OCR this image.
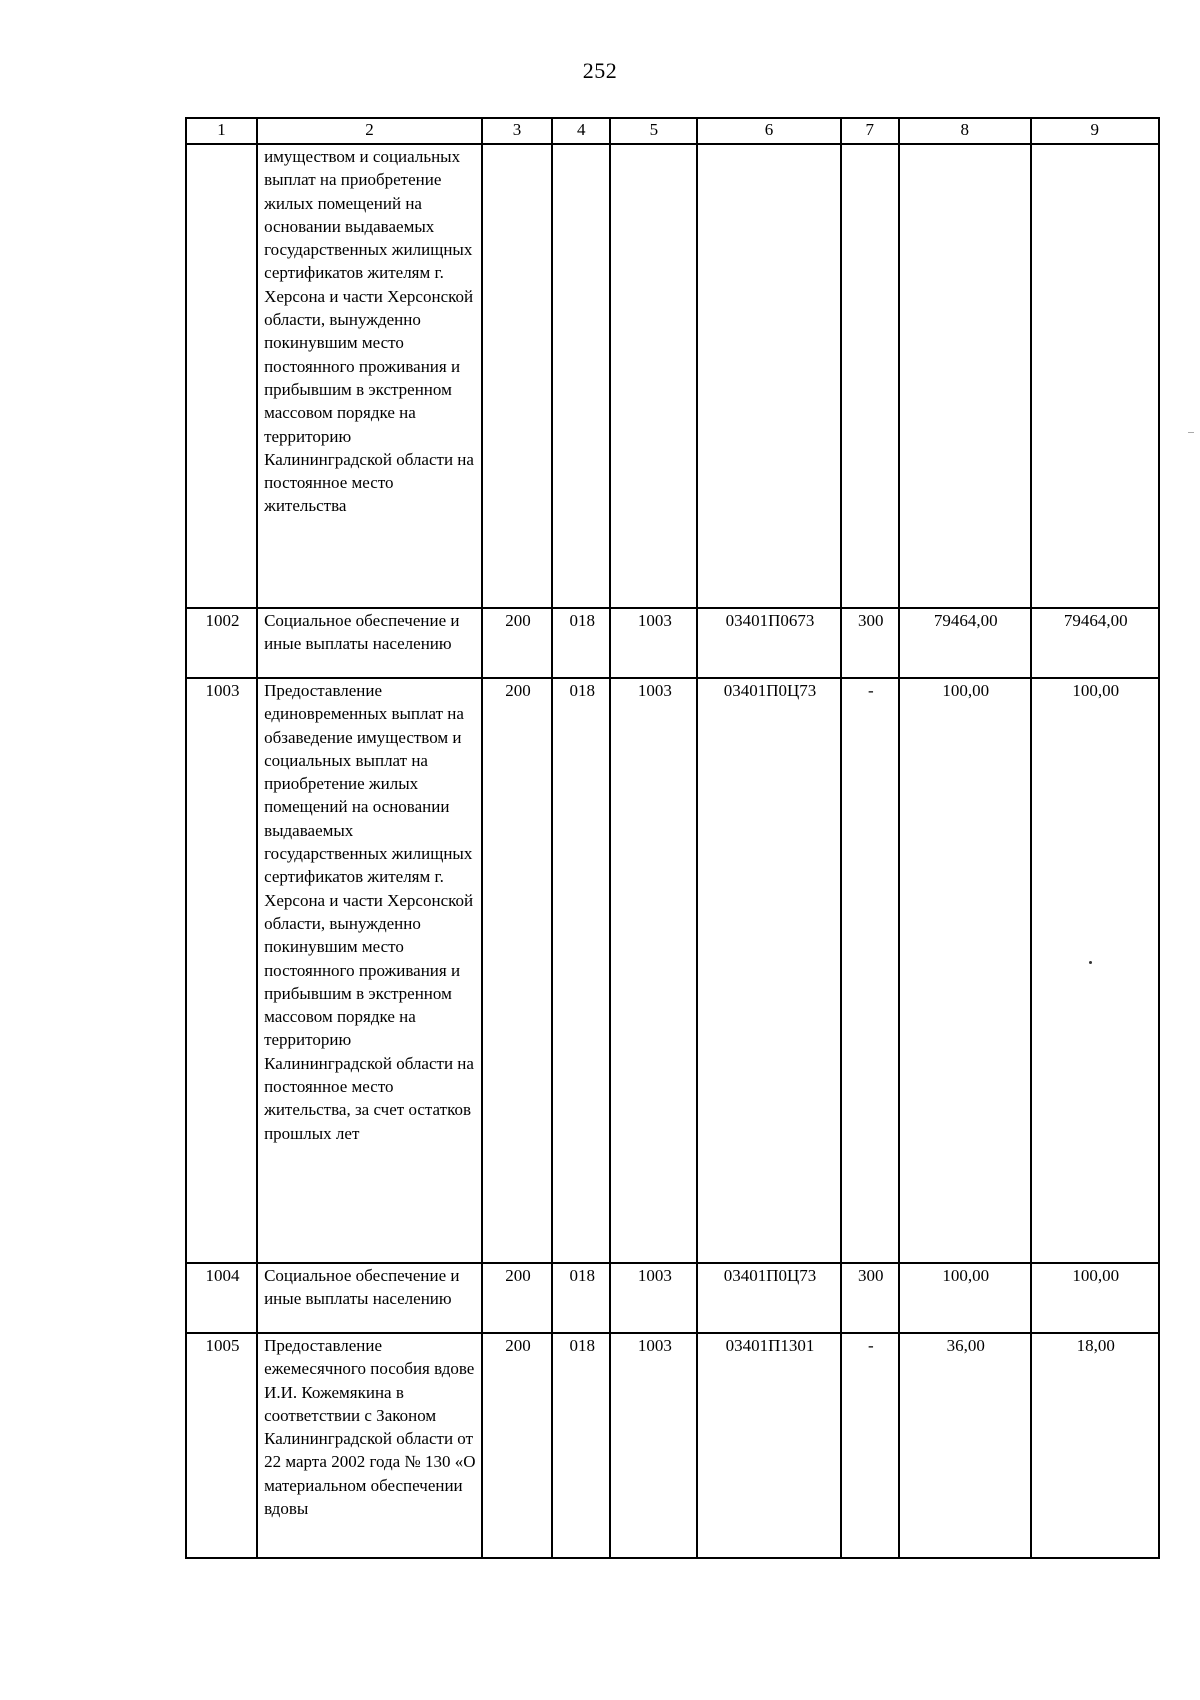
252
1	2	3	4	5	6	7	8	9
	имуществом и социальных выплат на приобретение жилых помещений на основании выдаваемых государственных жилищных сертификатов жителям г. Херсона и части Херсонской области, вынужденно покинувшим место постоянного проживания и прибывшим в экстренном массовом порядке на территорию Калининградской области на постоянное место жительства							
1002	Социальное обеспечение и иные выплаты населению	200	018	1003	03401П0673	300	79464,00	79464,00
1003	Предоставление единовременных выплат на обзаведение имуществом и социальных выплат на приобретение жилых помещений на основании выдаваемых государственных жилищных сертификатов жителям г. Херсона и части Херсонской области, вынужденно покинувшим место постоянного проживания и прибывшим в экстренном массовом порядке на территорию Калининградской области на постоянное место жительства, за счет остатков прошлых лет	200	018	1003	03401П0Ц73	-	100,00	100,00
1004	Социальное обеспечение и иные выплаты населению	200	018	1003	03401П0Ц73	300	100,00	100,00
1005	Предоставление ежемесячного пособия вдове И.И. Кожемякина в соответствии с Законом Калининградской области от 22 марта 2002 года № 130 «О материальном обеспечении вдовы	200	018	1003	03401П1301	-	36,00	18,00
